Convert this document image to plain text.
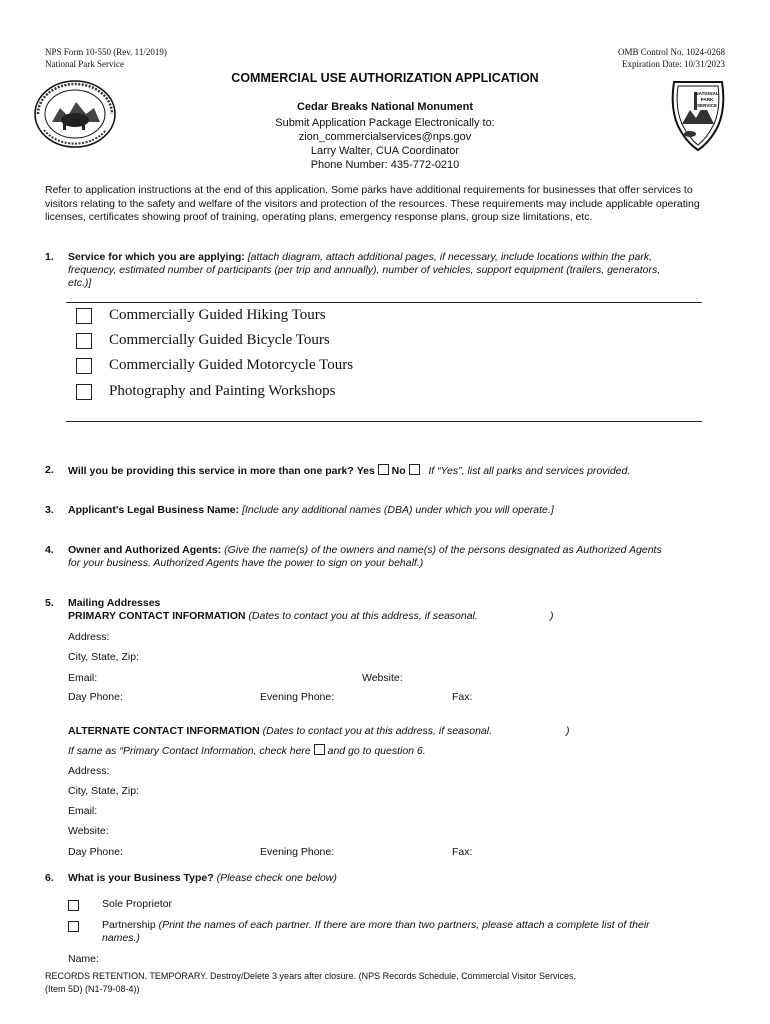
NPS Form 10-550 (Rev. 11/2019)
National Park Service
OMB Control No. 1024-0268
Expiration Date: 10/31/2023
NATIONAL
PARK
SERVICE
COMMERCIAL USE AUTHORIZATION APPLICATION
Cedar Breaks National Monument
Submit Application Package Electronically to:
zion_commercialservices@nps.gov
Larry Walter, CUA Coordinator
Phone Number: 435-772-0210
Refer to application instructions at the end of this application. Some parks have additional requirements for businesses that offer services to visitors relating to the safety and welfare of the visitors and protection of the resources. These requirements may include applicable operating licenses, certificates showing proof of training, operating plans, emergency response plans, group size limitations, etc.
1. Service for which you are applying: [attach diagram, attach additional pages, if necessary, include locations within the park,
frequency, estimated number of participants (per trip and annually), number of vehicles, support equipment (trailers, generators,
etc.)]
Commercially Guided Hiking Tours
Commercially Guided Bicycle Tours
Commercially Guided Motorcycle Tours
Photography and Painting Workshops
2. Will you be providing this service in more than one park? Yes No If “Yes”, list all parks and services provided.
3. Applicant's Legal Business Name: [Include any additional names (DBA) under which you will operate.]
4. Owner and Authorized Agents: (Give the name(s) of the owners and name(s) of the persons designated as Authorized Agents
for your business. Authorized Agents have the power to sign on your behalf.)
5. Mailing Addresses
PRIMARY CONTACT INFORMATION (Dates to contact you at this address, if seasonal.	)
Address:
City, State, Zip:
Email:	Website:
Day Phone:	Evening Phone:	Fax:
ALTERNATE CONTACT INFORMATION (Dates to contact you at this address, if seasonal.	)
If same as “Primary Contact Information, check here and go to question 6.
Address:
City, State, Zip:
Email:
Website:
Day Phone:	Evening Phone:	Fax:
6. What is your Business Type? (Please check one below)
Sole Proprietor
Partnership (Print the names of each partner. If there are more than two partners, please attach a complete list of their
names.)
Name:
RECORDS RETENTION. TEMPORARY. Destroy/Delete 3 years after closure. (NPS Records Schedule, Commercial Visitor Services,
(Item 5D) (N1-79-08-4))
